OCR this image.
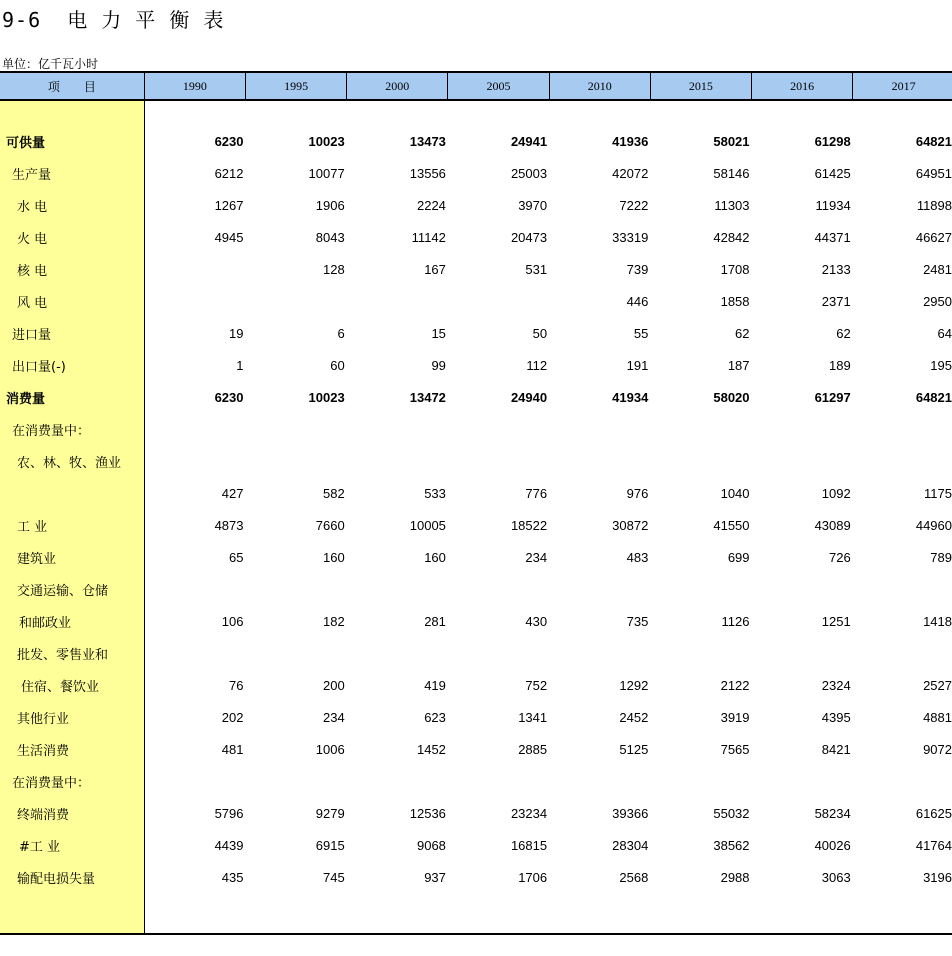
9-6  电 力 平 衡 表
单位：亿千瓦小时
项　　目	1990	1995	2000	2005	2010	2015	2016	2017

可供量	6230	10023	13473	24941	41936	58021	61298	64821
生产量	6212	10077	13556	25003	42072	58146	61425	64951
水 电	1267	1906	2224	3970	7222	11303	11934	11898
火 电	4945	8043	11142	20473	33319	42842	44371	46627
核 电		128	167	531	739	1708	2133	2481
风 电					446	1858	2371	2950
进口量	19	6	15	50	55	62	62	64
出口量(-)	1	60	99	112	191	187	189	195
消费量	6230	10023	13472	24940	41934	58020	61297	64821
在消费量中：								
农、林、牧、渔业								
	427	582	533	776	976	1040	1092	1175
工 业	4873	7660	10005	18522	30872	41550	43089	44960
建筑业	65	160	160	234	483	699	726	789
交通运输、仓储								
和邮政业	106	182	281	430	735	1126	1251	1418
批发、零售业和								
住宿、餐饮业	76	200	419	752	1292	2122	2324	2527
其他行业	202	234	623	1341	2452	3919	4395	4881
生活消费	481	1006	1452	2885	5125	7565	8421	9072
在消费量中：								
终端消费	5796	9279	12536	23234	39366	55032	58234	61625
#工 业	4439	6915	9068	16815	28304	38562	40026	41764
输配电损失量	435	745	937	1706	2568	2988	3063	3196
